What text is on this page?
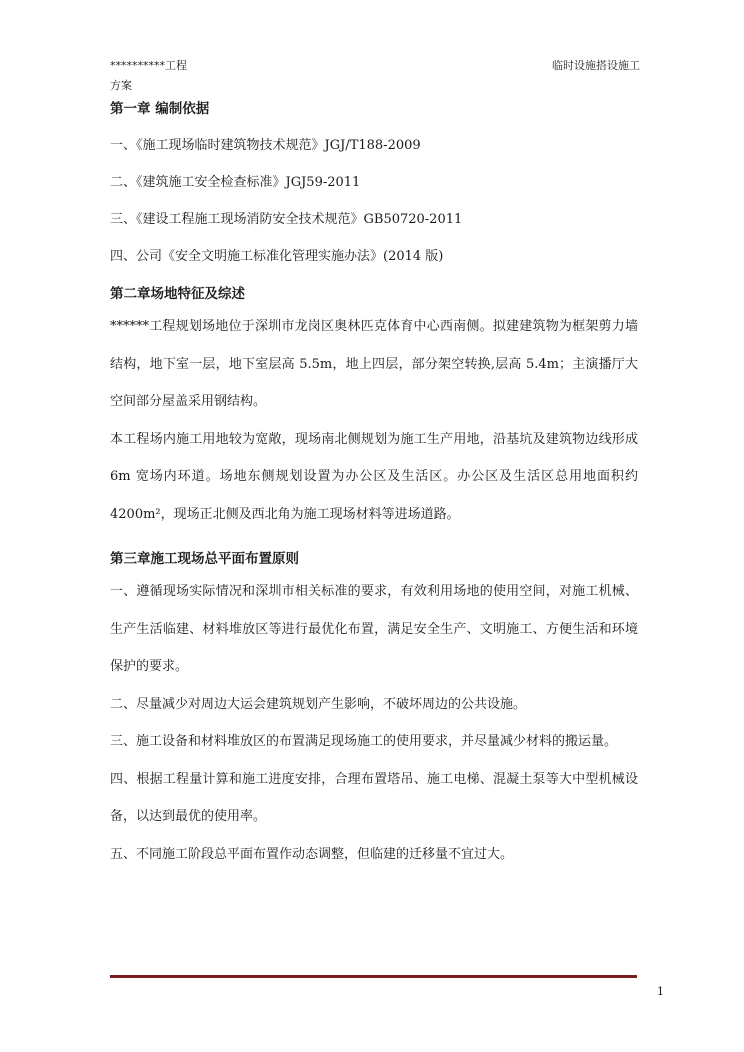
**********工程	临时设施搭设施工
方案
第一章 编制依据
一、《施工现场临时建筑物技术规范》JGJ/T188-2009
二、《建筑施工安全检查标准》JGJ59-2011
三、《建设工程施工现场消防安全技术规范》GB50720-2011
四、公司《安全文明施工标准化管理实施办法》(2014 版)
第二章场地特征及综述

******工程规划场地位于深圳市龙岗区奥林匹克体育中心西南侧。拟建建筑物为框架剪力墙结构，地下室一层，地下室层高 5.5m，地上四层，部分架空转换,层高 5.4m；主演播厅大空间部分屋盖采用钢结构。

本工程场内施工用地较为宽敞，现场南北侧规划为施工生产用地，沿基坑及建筑物边线形成 6m 宽场内环道。场地东侧规划设置为办公区及生活区。办公区及生活区总用地面积约 4200m²，现场正北侧及西北角为施工现场材料等进场道路。

第三章施工现场总平面布置原则

一、遵循现场实际情况和深圳市相关标准的要求，有效利用场地的使用空间，对施工机械、生产生活临建、材料堆放区等进行最优化布置，满足安全生产、文明施工、方便生活和环境保护的要求。

二、尽量减少对周边大运会建筑规划产生影响，不破坏周边的公共设施。

三、施工设备和材料堆放区的布置满足现场施工的使用要求，并尽量减少材料的搬运量。

四、根据工程量计算和施工进度安排，合理布置塔吊、施工电梯、混凝土泵等大中型机械设备，以达到最优的使用率。

五、不同施工阶段总平面布置作动态调整，但临建的迁移量不宜过大。

1
